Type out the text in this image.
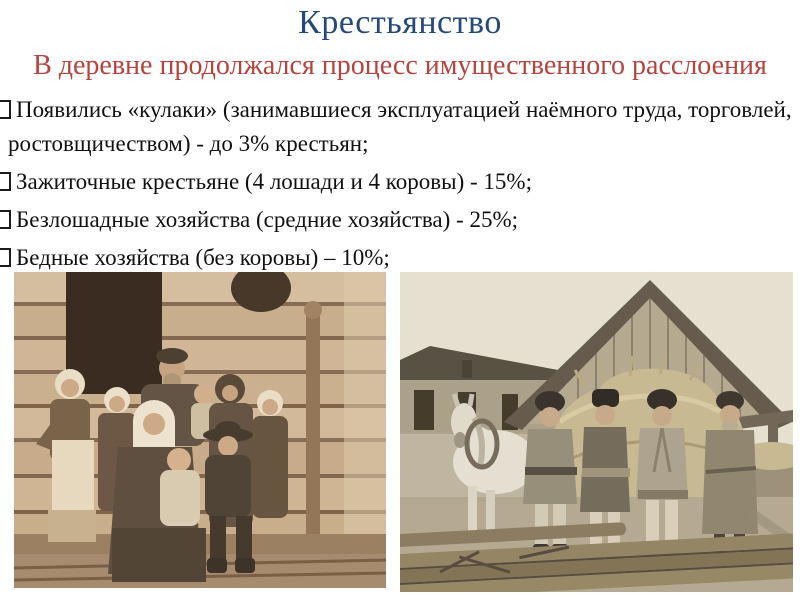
Крестьянство
В деревне продолжался процесс имущественного расслоения
Появились «кулаки» (занимавшиеся эксплуатацией наёмного труда, торговлей, ростовщичеством) - до 3% крестьян;
Зажиточные крестьяне (4 лошади и 4 коровы) - 15%;
Безлошадные хозяйства (средние хозяйства) - 25%;
Бедные хозяйства (без коровы) – 10%;
